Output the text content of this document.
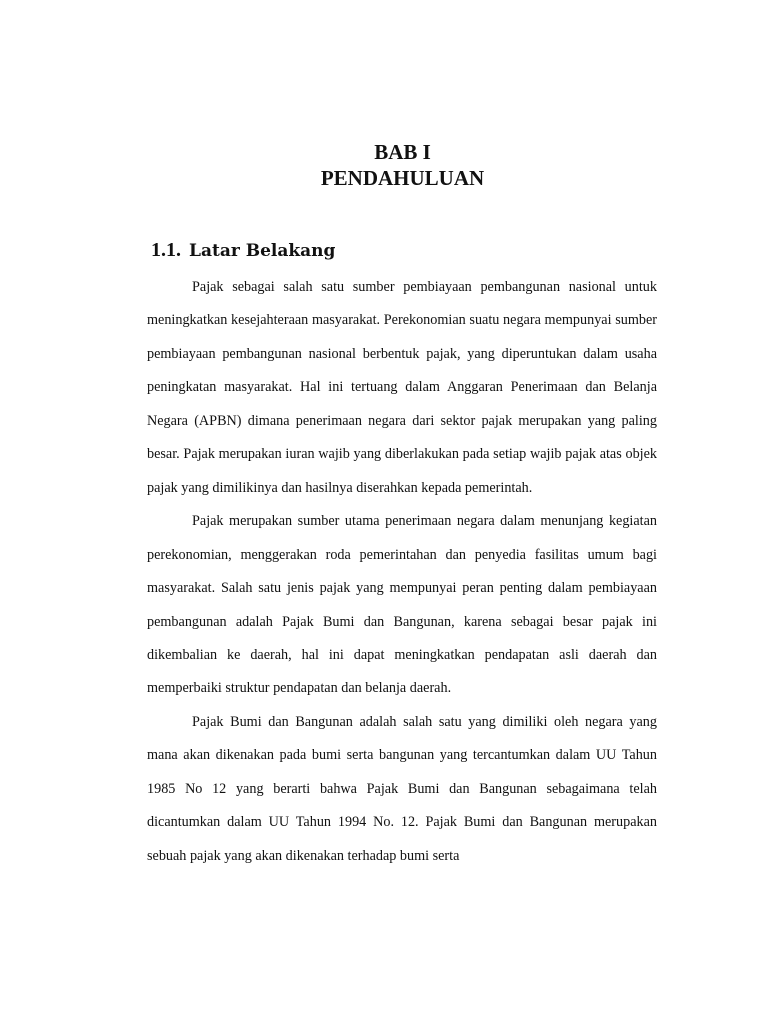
BAB I
PENDAHULUAN
1.1. Latar Belakang

Pajak sebagai salah satu sumber pembiayaan pembangunan nasional untuk meningkatkan kesejahteraan masyarakat. Perekonomian suatu negara mempunyai sumber pembiayaan pembangunan nasional berbentuk pajak, yang diperuntukan dalam usaha peningkatan masyarakat. Hal ini tertuang dalam Anggaran Penerimaan dan Belanja Negara (APBN) dimana penerimaan negara dari sektor pajak merupakan yang paling besar. Pajak merupakan iuran wajib yang diberlakukan pada setiap wajib pajak atas objek pajak yang dimilikinya dan hasilnya diserahkan kepada pemerintah.

Pajak merupakan sumber utama penerimaan negara dalam menunjang kegiatan perekonomian, menggerakan roda pemerintahan dan penyedia fasilitas umum bagi masyarakat. Salah satu jenis pajak yang mempunyai peran penting dalam pembiayaan pembangunan adalah Pajak Bumi dan Bangunan, karena sebagai besar pajak ini dikembalian ke daerah, hal ini dapat meningkatkan pendapatan asli daerah dan memperbaiki struktur pendapatan dan belanja daerah.

Pajak Bumi dan Bangunan adalah salah satu yang dimiliki oleh negara yang mana akan dikenakan pada bumi serta bangunan yang tercantumkan dalam UU Tahun 1985 No 12 yang berarti bahwa Pajak Bumi dan Bangunan sebagaimana telah dicantumkan dalam UU Tahun 1994 No. 12. Pajak Bumi dan Bangunan merupakan sebuah pajak yang akan dikenakan terhadap bumi serta
